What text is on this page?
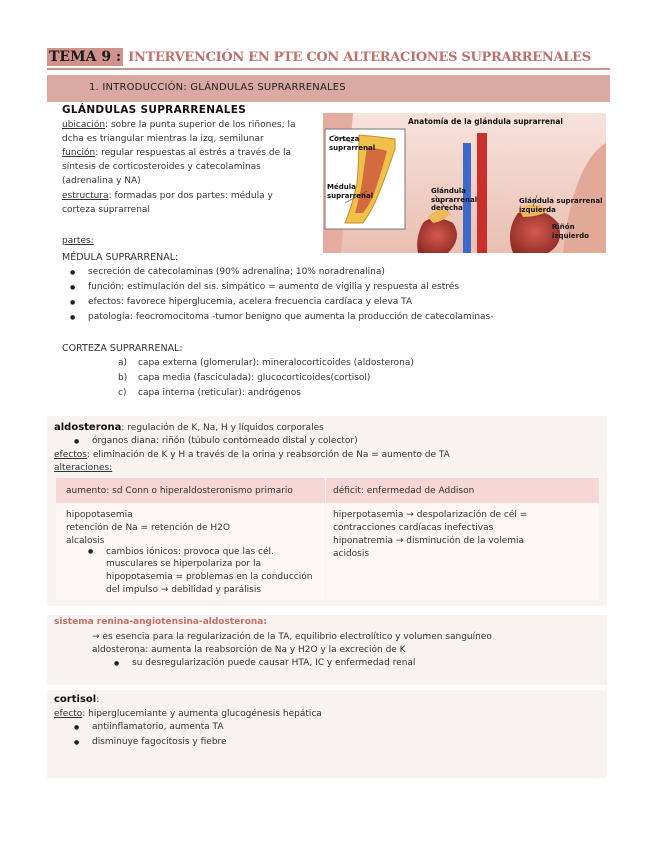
TEMA 9 : INTERVENCIÓN EN PTE CON ALTERACIONES SUPRARRENALES
1. INTRODUCCIÓN: GLÁNDULAS SUPRARRENALES
GLÁNDULAS SUPRARRENALES
ubicación: sobre la punta superior de los riñones; la
dcha es triangular mientras la izq, semilunar
función: regular respuestas al estrés a través de la
síntesis de corticosteroides y catecolaminas
(adrenalina y NA)
estructura: formadas por dos partes: médula y
corteza suprarrenal
partes:
Anatomía de la glándula suprarrenal
Corteza
suprarrenal
Médula
suprarrenal
Glándula
suprarrenal
derecha
Glándula suprarrenal
izquierda
Riñón
izquierdo
MÉDULA SUPRARRENAL:
● secreción de catecolaminas (90% adrenalina; 10% noradrenalina)
● función: estimulación del sis. simpático = aumento de vigilia y respuesta al estrés
● efectos: favorece hiperglucemia, acelera frecuencia cardíaca y eleva TA
● patología: feocromocitoma -tumor benigno que aumenta la producción de catecolaminas-
CORTEZA SUPRARRENAL:
a) capa externa (glomerular): mineralocorticoides (aldosterona)
b) capa media (fasciculada): glucocorticoides(cortisol)
c) capa interna (reticular): andrógenos
aldosterona: regulación de K, Na, H y líquidos corporales
● órganos diana: riñón (túbulo contorneado distal y colector)
efectos: eliminación de K y H a través de la orina y reabsorción de Na = aumento de TA
alteraciones:
aumento: sd Conn o hiperaldosteronismo primario	déficit: enfermedad de Addison
hipopotasemia
retención de Na = retención de H2O
alcalosis
● cambios iónicos: provoca que las cél.
musculares se hiperpolariza por la
hipopotasemia = problemas en la conducción
del impulso → debilidad y parálisis
hiperpotasemia → despolarización de cél =
contracciones cardíacas inefectivas
hiponatremia → disminución de la volemia
acidosis
sistema renina-angiotensina-aldosterona:
→ es esencia para la regularización de la TA, equilibrio electrolítico y volumen sanguíneo
aldosterona: aumenta la reabsorción de Na y H2O y la excreción de K
● su desregularización puede causar HTA, IC y enfermedad renal
cortisol:
efecto: hiperglucemiante y aumenta glucogénesis hepática
● antiinflamatorio, aumenta TA
● disminuye fagocitosis y fiebre
